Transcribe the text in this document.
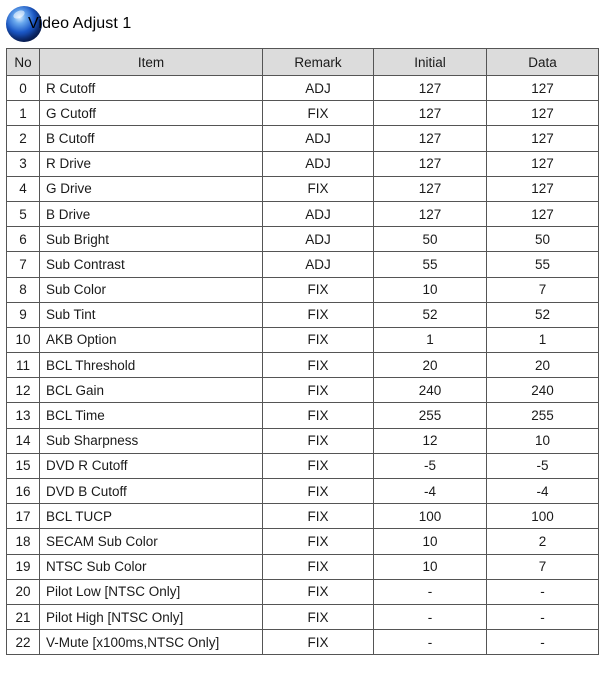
Video Adjust 1
No	Item	Remark	Initial	Data
0	R Cutoff	ADJ	127	127
1	G Cutoff	FIX	127	127
2	B Cutoff	ADJ	127	127
3	R Drive	ADJ	127	127
4	G Drive	FIX	127	127
5	B Drive	ADJ	127	127
6	Sub Bright	ADJ	50	50
7	Sub Contrast	ADJ	55	55
8	Sub Color	FIX	10	7
9	Sub Tint	FIX	52	52
10	AKB Option	FIX	1	1
11	BCL Threshold	FIX	20	20
12	BCL Gain	FIX	240	240
13	BCL Time	FIX	255	255
14	Sub Sharpness	FIX	12	10
15	DVD R Cutoff	FIX	-5	-5
16	DVD B Cutoff	FIX	-4	-4
17	BCL TUCP	FIX	100	100
18	SECAM Sub Color	FIX	10	2
19	NTSC Sub Color	FIX	10	7
20	Pilot Low [NTSC Only]	FIX	-	-
21	Pilot High [NTSC Only]	FIX	-	-
22	V-Mute [x100ms,NTSC Only]	FIX	-	-
